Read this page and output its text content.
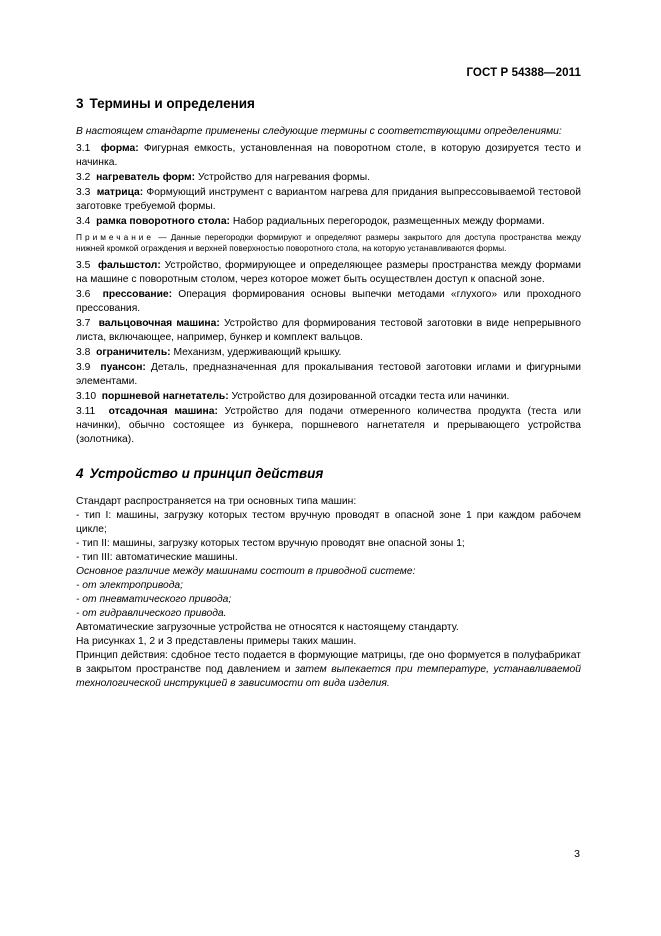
ГОСТ Р 54388—2011
3 Термины и определения

В настоящем стандарте применены следующие термины с соответствующими определениями:

3.1 форма: Фигурная емкость, установленная на поворотном столе, в которую дозируется тесто и начинка.

3.2 нагреватель форм: Устройство для нагревания формы.

3.3 матрица: Формующий инструмент с вариантом нагрева для придания выпрессовываемой тестовой заготовке требуемой формы.

3.4 рамка поворотного стола: Набор радиальных перегородок, размещенных между формами.

Примечание — Данные перегородки формируют и определяют размеры закрытого для доступа пространства между нижней кромкой ограждения и верхней поверхностью поворотного стола, на которую устанавливаются формы.

3.5 фальшстол: Устройство, формирующее и определяющее размеры пространства между формами на машине с поворотным столом, через которое может быть осуществлен доступ к опасной зоне.

3.6 прессование: Операция формирования основы выпечки методами «глухого» или проходного прессования.

3.7 вальцовочная машина: Устройство для формирования тестовой заготовки в виде непрерывного листа, включающее, например, бункер и комплект вальцов.

3.8 ограничитель: Механизм, удерживающий крышку.

3.9 пуансон: Деталь, предназначенная для прокалывания тестовой заготовки иглами и фигурными элементами.

3.10 поршневой нагнетатель: Устройство для дозированной отсадки теста или начинки.

3.11 отсадочная машина: Устройство для подачи отмеренного количества продукта (теста или начинки), обычно состоящее из бункера, поршневого нагнетателя и прерывающего устройства (золотника).

4 Устройство и принцип действия

Стандарт распространяется на три основных типа машин:

- тип I: машины, загрузку которых тестом вручную проводят в опасной зоне 1 при каждом рабочем цикле;

- тип II: машины, загрузку которых тестом вручную проводят вне опасной зоны 1;

- тип III: автоматические машины.

Основное различие между машинами состоит в приводной системе:

- от электропривода;

- от пневматического привода;

- от гидравлического привода.

Автоматические загрузочные устройства не относятся к настоящему стандарту.

На рисунках 1, 2 и 3 представлены примеры таких машин.

Принцип действия: сдобное тесто подается в формующие матрицы, где оно формуется в полуфабрикат в закрытом пространстве под давлением и затем выпекается при температуре, устанавливаемой технологической инструкцией в зависимости от вида изделия.

3
